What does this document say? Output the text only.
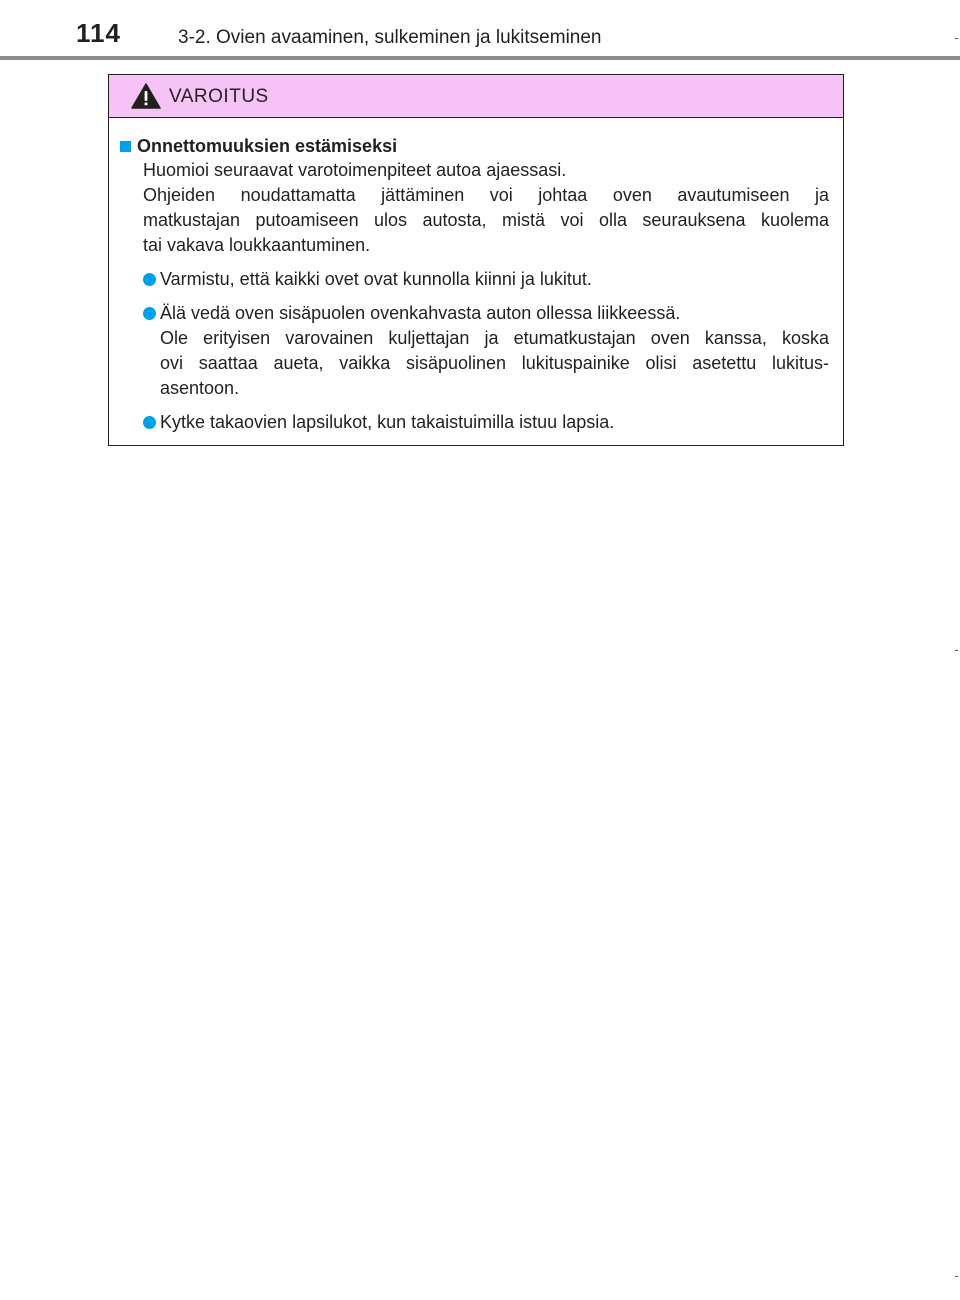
114	3-2. Ovien avaaminen, sulkeminen ja lukitseminen
VAROITUS
Onnettomuuksien estämiseksi
Huomioi seuraavat varotoimenpiteet autoa ajaessasi.
Ohjeiden noudattamatta jättäminen voi johtaa oven avautumiseen ja
matkustajan putoamiseen ulos autosta, mistä voi olla seurauksena kuolema
tai vakava loukkaantuminen.
Varmistu, että kaikki ovet ovat kunnolla kiinni ja lukitut.
Älä vedä oven sisäpuolen ovenkahvasta auton ollessa liikkeessä.
Ole erityisen varovainen kuljettajan ja etumatkustajan oven kanssa, koska
ovi saattaa aueta, vaikka sisäpuolinen lukituspainike olisi asetettu lukitus-
asentoon.
Kytke takaovien lapsilukot, kun takaistuimilla istuu lapsia.
